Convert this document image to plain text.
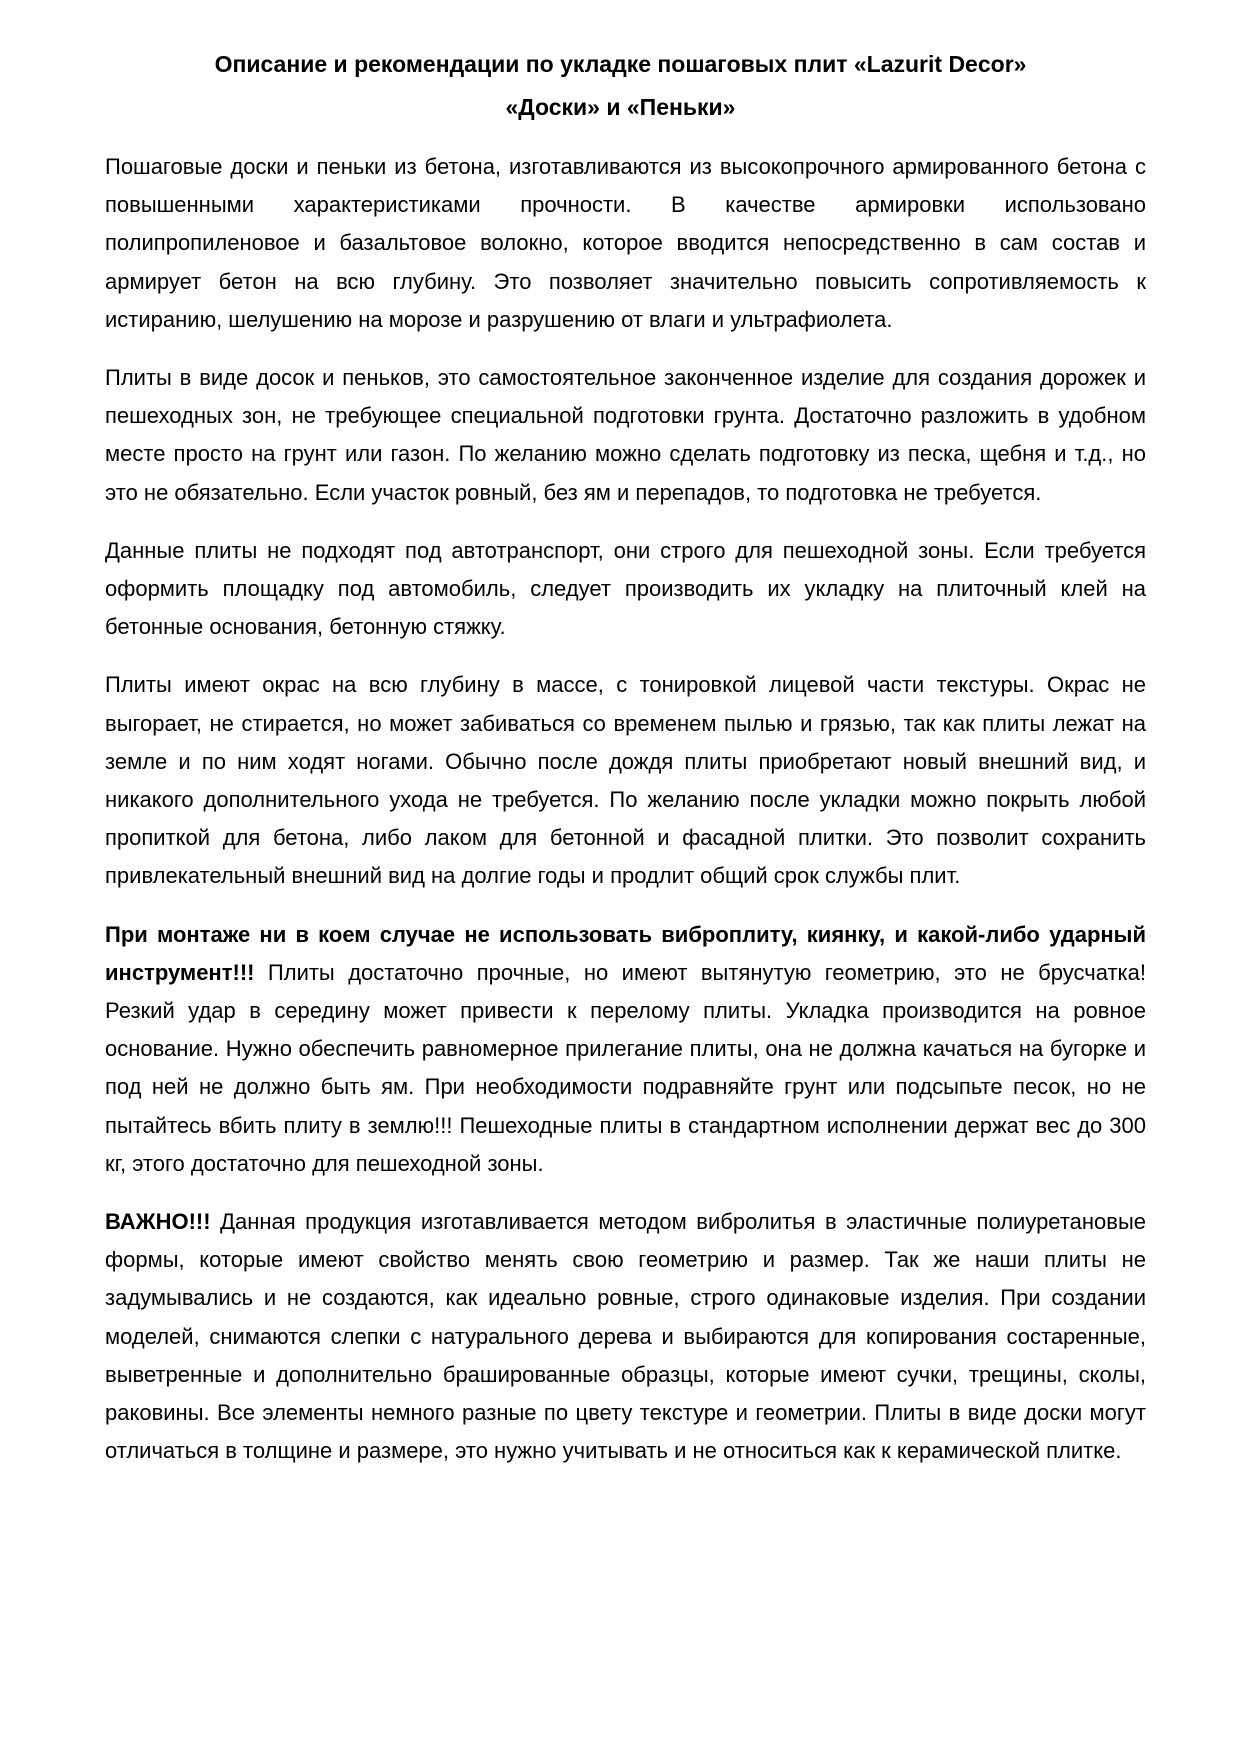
Описание и рекомендации по укладке пошаговых плит «Lazurit Decor»
«Доски» и «Пеньки»

Пошаговые доски и пеньки из бетона, изготавливаются из высокопрочного армированного бетона с повышенными характеристиками прочности. В качестве армировки использовано полипропиленовое и базальтовое волокно, которое вводится непосредственно в сам состав и армирует бетон на всю глубину. Это позволяет значительно повысить сопротивляемость к истиранию, шелушению на морозе и разрушению от влаги и ультрафиолета.

Плиты в виде досок и пеньков, это самостоятельное законченное изделие для создания дорожек и пешеходных зон, не требующее специальной подготовки грунта. Достаточно разложить в удобном месте просто на грунт или газон. По желанию можно сделать подготовку из песка, щебня и т.д., но это не обязательно. Если участок ровный, без ям и перепадов, то подготовка не требуется.

Данные плиты не подходят под автотранспорт, они строго для пешеходной зоны. Если требуется оформить площадку под автомобиль, следует производить их укладку на плиточный клей на бетонные основания, бетонную стяжку.

Плиты имеют окрас на всю глубину в массе, с тонировкой лицевой части текстуры. Окрас не выгорает, не стирается, но может забиваться со временем пылью и грязью, так как плиты лежат на земле и по ним ходят ногами. Обычно после дождя плиты приобретают новый внешний вид, и никакого дополнительного ухода не требуется. По желанию после укладки можно покрыть любой пропиткой для бетона, либо лаком для бетонной и фасадной плитки. Это позволит сохранить привлекательный внешний вид на долгие годы и продлит общий срок службы плит.

При монтаже ни в коем случае не использовать виброплиту, киянку, и какой-либо ударный инструмент!!! Плиты достаточно прочные, но имеют вытянутую геометрию, это не брусчатка! Резкий удар в середину может привести к перелому плиты. Укладка производится на ровное основание. Нужно обеспечить равномерное прилегание плиты, она не должна качаться на бугорке и под ней не должно быть ям. При необходимости подравняйте грунт или подсыпьте песок, но не пытайтесь вбить плиту в землю!!! Пешеходные плиты в стандартном исполнении держат вес до 300 кг, этого достаточно для пешеходной зоны.

ВАЖНО!!! Данная продукция изготавливается методом вибролитья в эластичные полиуретановые формы, которые имеют свойство менять свою геометрию и размер. Так же наши плиты не задумывались и не создаются, как идеально ровные, строго одинаковые изделия. При создании моделей, снимаются слепки с натурального дерева и выбираются для копирования состаренные, выветренные и дополнительно брашированные образцы, которые имеют сучки, трещины, сколы, раковины. Все элементы немного разные по цвету текстуре и геометрии. Плиты в виде доски могут отличаться в толщине и размере, это нужно учитывать и не относиться как к керамической плитке.
